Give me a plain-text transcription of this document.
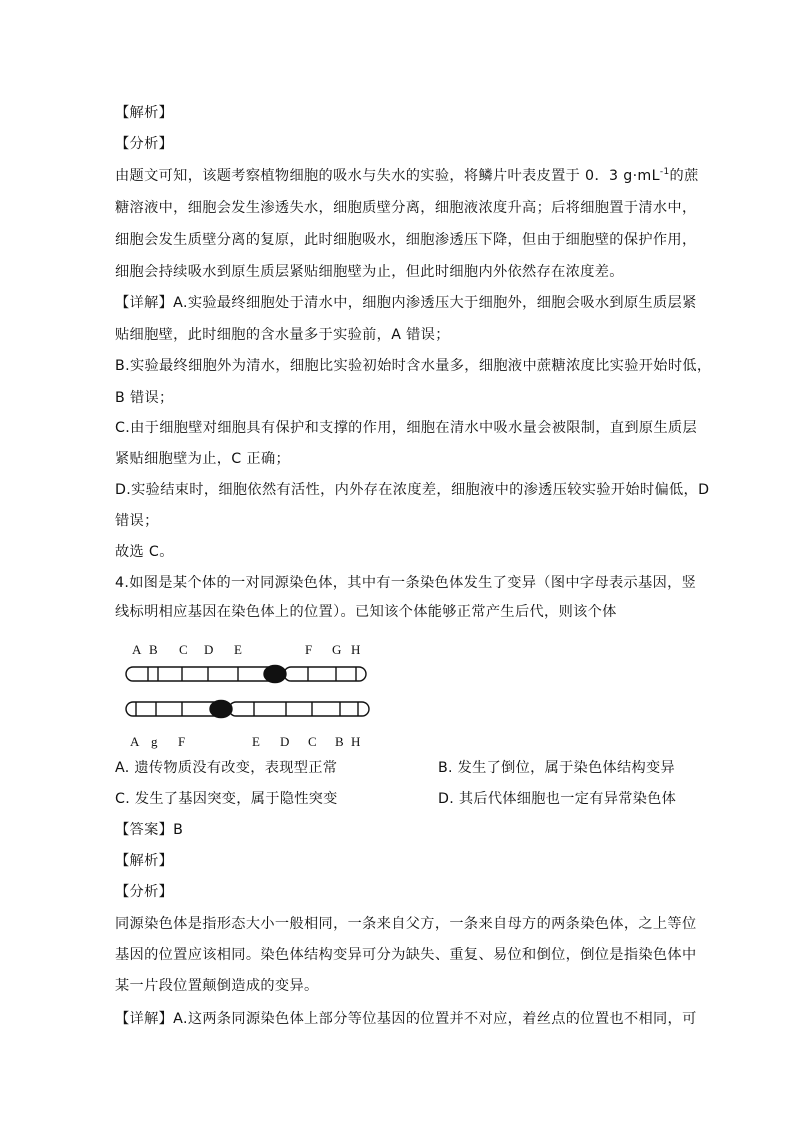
【解析】
【分析】
由题文可知，该题考察植物细胞的吸水与失水的实验，将鳞片叶表皮置于 0．3 $g\cdot mL^{-1}$的蔗
糖溶液中，细胞会发生渗透失水，细胞质壁分离，细胞液浓度升高；后将细胞置于清水中，
细胞会发生质壁分离的复原，此时细胞吸水，细胞渗透压下降，但由于细胞壁的保护作用，
细胞会持续吸水到原生质层紧贴细胞壁为止，但此时细胞内外依然存在浓度差。
【详解】A.实验最终细胞处于清水中，细胞内渗透压大于细胞外，细胞会吸水到原生质层紧
贴细胞壁，此时细胞的含水量多于实验前，A 错误；
B.实验最终细胞外为清水，细胞比实验初始时含水量多，细胞液中蔗糖浓度比实验开始时低，
B 错误；
C.由于细胞壁对细胞具有保护和支撑的作用，细胞在清水中吸水量会被限制，直到原生质层
紧贴细胞壁为止，C 正确；
D.实验结束时，细胞依然有活性，内外存在浓度差，细胞液中的渗透压较实验开始时偏低，D
错误；
故选 C。
4.如图是某个体的一对同源染色体，其中有一条染色体发生了变异（图中字母表示基因，竖
线标明相应基因在染色体上的位置）。已知该个体能够正常产生后代，则该个体
A B C D E	F G H
A g F	E D C B H
A. 遗传物质没有改变，表现型正常	B. 发生了倒位，属于染色体结构变异
C. 发生了基因突变，属于隐性突变	D. 其后代体细胞也一定有异常染色体
【答案】B
【解析】
【分析】
同源染色体是指形态大小一般相同，一条来自父方，一条来自母方的两条染色体，之上等位
基因的位置应该相同。染色体结构变异可分为缺失、重复、易位和倒位，倒位是指染色体中
某一片段位置颠倒造成的变异。
【详解】A.这两条同源染色体上部分等位基因的位置并不对应，着丝点的位置也不相同，可
